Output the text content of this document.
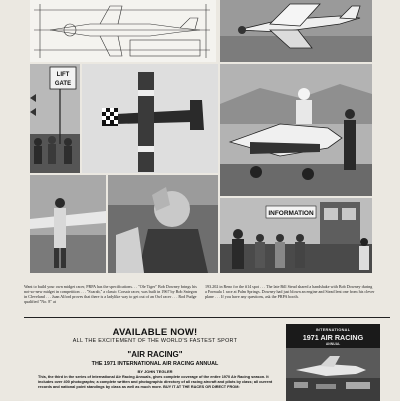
LIFT
GATE
INFORMATION
Want to build your own midget racer, PRPA has the specifications. . . "Ole Tiger" Bob Downey brings his not-so-new midget in competition . . . "Scarab," a classic Corsair racer, was built in 1967 by Bob Sniegon in Cleveland . . . Juan Alford proves that there is a ladylike way to get out of an Owl racer . . . Rod Pudge qualified "No. 8" at
193.202 in Reno for the #14 spot . . . The late Bill Stead shared a handshake with Bob Downey during a Formula 1 race at Palm Springs. Downey had just blown an engine and Stead lent one from his clever plane . . . If you have any questions, ask the PRPA booth.
AVAILABLE NOW!
ALL THE EXCITEMENT OF THE WORLD'S FASTEST SPORT
"AIR RACING"
THE 1971 INTERNATIONAL AIR RACING ANNUAL
BY JOHN TEGLER
This, the third in the series of International Air Racing Annuals, gives complete coverage of the entire 1970 Air Racing season. It includes over 400 photographs; a complete written and photographic directory of all racing aircraft and pilots by class; all current records and national point standings by class as well as much more. BUY IT AT THE RACES OR DIRECT FROM:
INTERNATIONAL
1971 AIR RACING
ANNUAL
